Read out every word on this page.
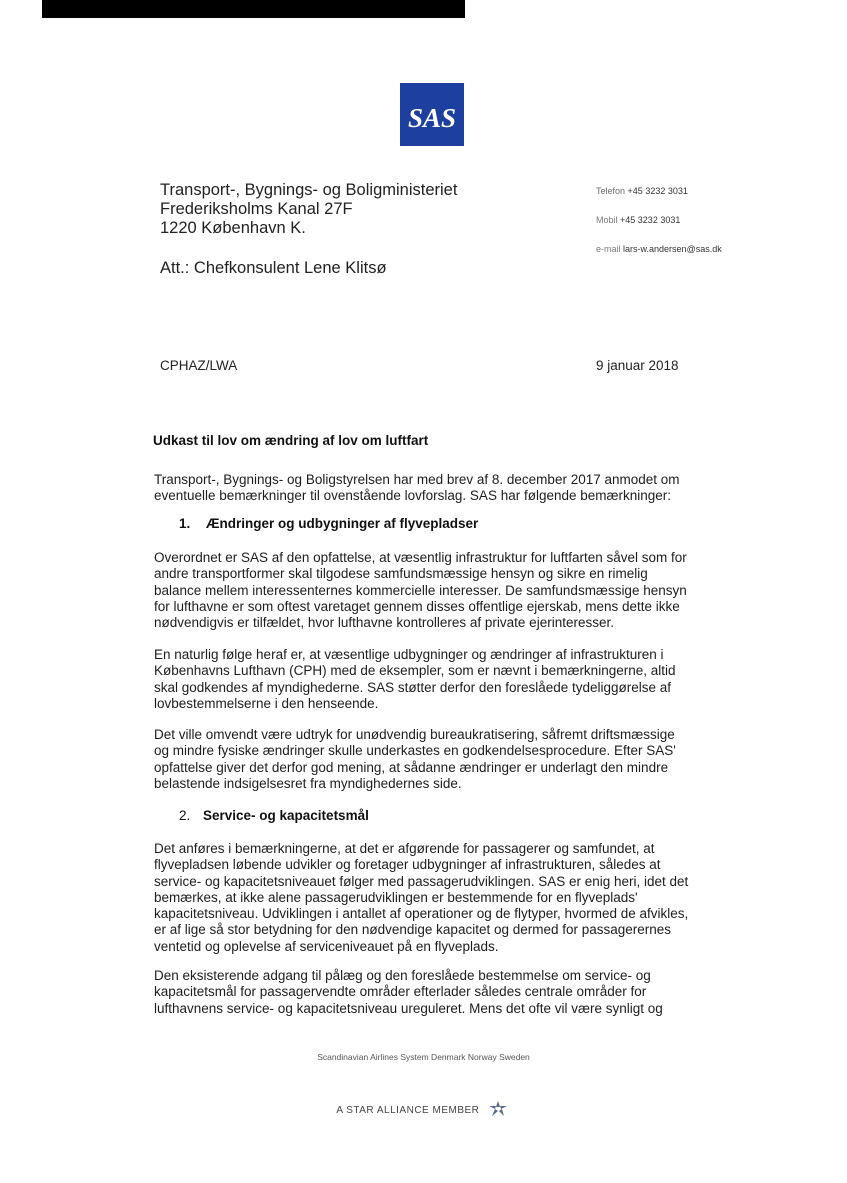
SAS
Transport-, Bygnings- og Boligministeriet
Frederiksholms Kanal 27F
1220 København K.
Att.: Chefkonsulent Lene Klitsø
Telefon +45 3232 3031
Mobil +45 3232 3031
e-mail lars-w.andersen@sas.dk
CPHAZ/LWA	9 januar 2018
Udkast til lov om ændring af lov om luftfart
Transport-, Bygnings- og Boligstyrelsen har med brev af 8. december 2017 anmodet om
eventuelle bemærkninger til ovenstående lovforslag. SAS har følgende bemærkninger:
1. Ændringer og udbygninger af flyvepladser
Overordnet er SAS af den opfattelse, at væsentlig infrastruktur for luftfarten såvel som for
andre transportformer skal tilgodese samfundsmæssige hensyn og sikre en rimelig
balance mellem interessenternes kommercielle interesser. De samfundsmæssige hensyn
for lufthavne er som oftest varetaget gennem disses offentlige ejerskab, mens dette ikke
nødvendigvis er tilfældet, hvor lufthavne kontrolleres af private ejerinteresser.
En naturlig følge heraf er, at væsentlige udbygninger og ændringer af infrastrukturen i
Københavns Lufthavn (CPH) med de eksempler, som er nævnt i bemærkningerne, altid
skal godkendes af myndighederne. SAS støtter derfor den foreslåede tydeliggørelse af
lovbestemmelserne i den henseende.
Det ville omvendt være udtryk for unødvendig bureaukratisering, såfremt driftsmæssige
og mindre fysiske ændringer skulle underkastes en godkendelsesprocedure. Efter SAS'
opfattelse giver det derfor god mening, at sådanne ændringer er underlagt den mindre
belastende indsigelsesret fra myndighedernes side.
2. Service- og kapacitetsmål
Det anføres i bemærkningerne, at det er afgørende for passagerer og samfundet, at
flyvepladsen løbende udvikler og foretager udbygninger af infrastrukturen, således at
service- og kapacitetsniveauet følger med passagerudviklingen. SAS er enig heri, idet det
bemærkes, at ikke alene passagerudviklingen er bestemmende for en flyveplads'
kapacitetsniveau. Udviklingen i antallet af operationer og de flytyper, hvormed de afvikles,
er af lige så stor betydning for den nødvendige kapacitet og dermed for passagerernes
ventetid og oplevelse af serviceniveauet på en flyveplads.
Den eksisterende adgang til pålæg og den foreslåede bestemmelse om service- og
kapacitetsmål for passagervendte områder efterlader således centrale områder for
lufthavnens service- og kapacitetsniveau ureguleret. Mens det ofte vil være synligt og
Scandinavian Airlines System Denmark Norway Sweden
A STAR ALLIANCE MEMBER
